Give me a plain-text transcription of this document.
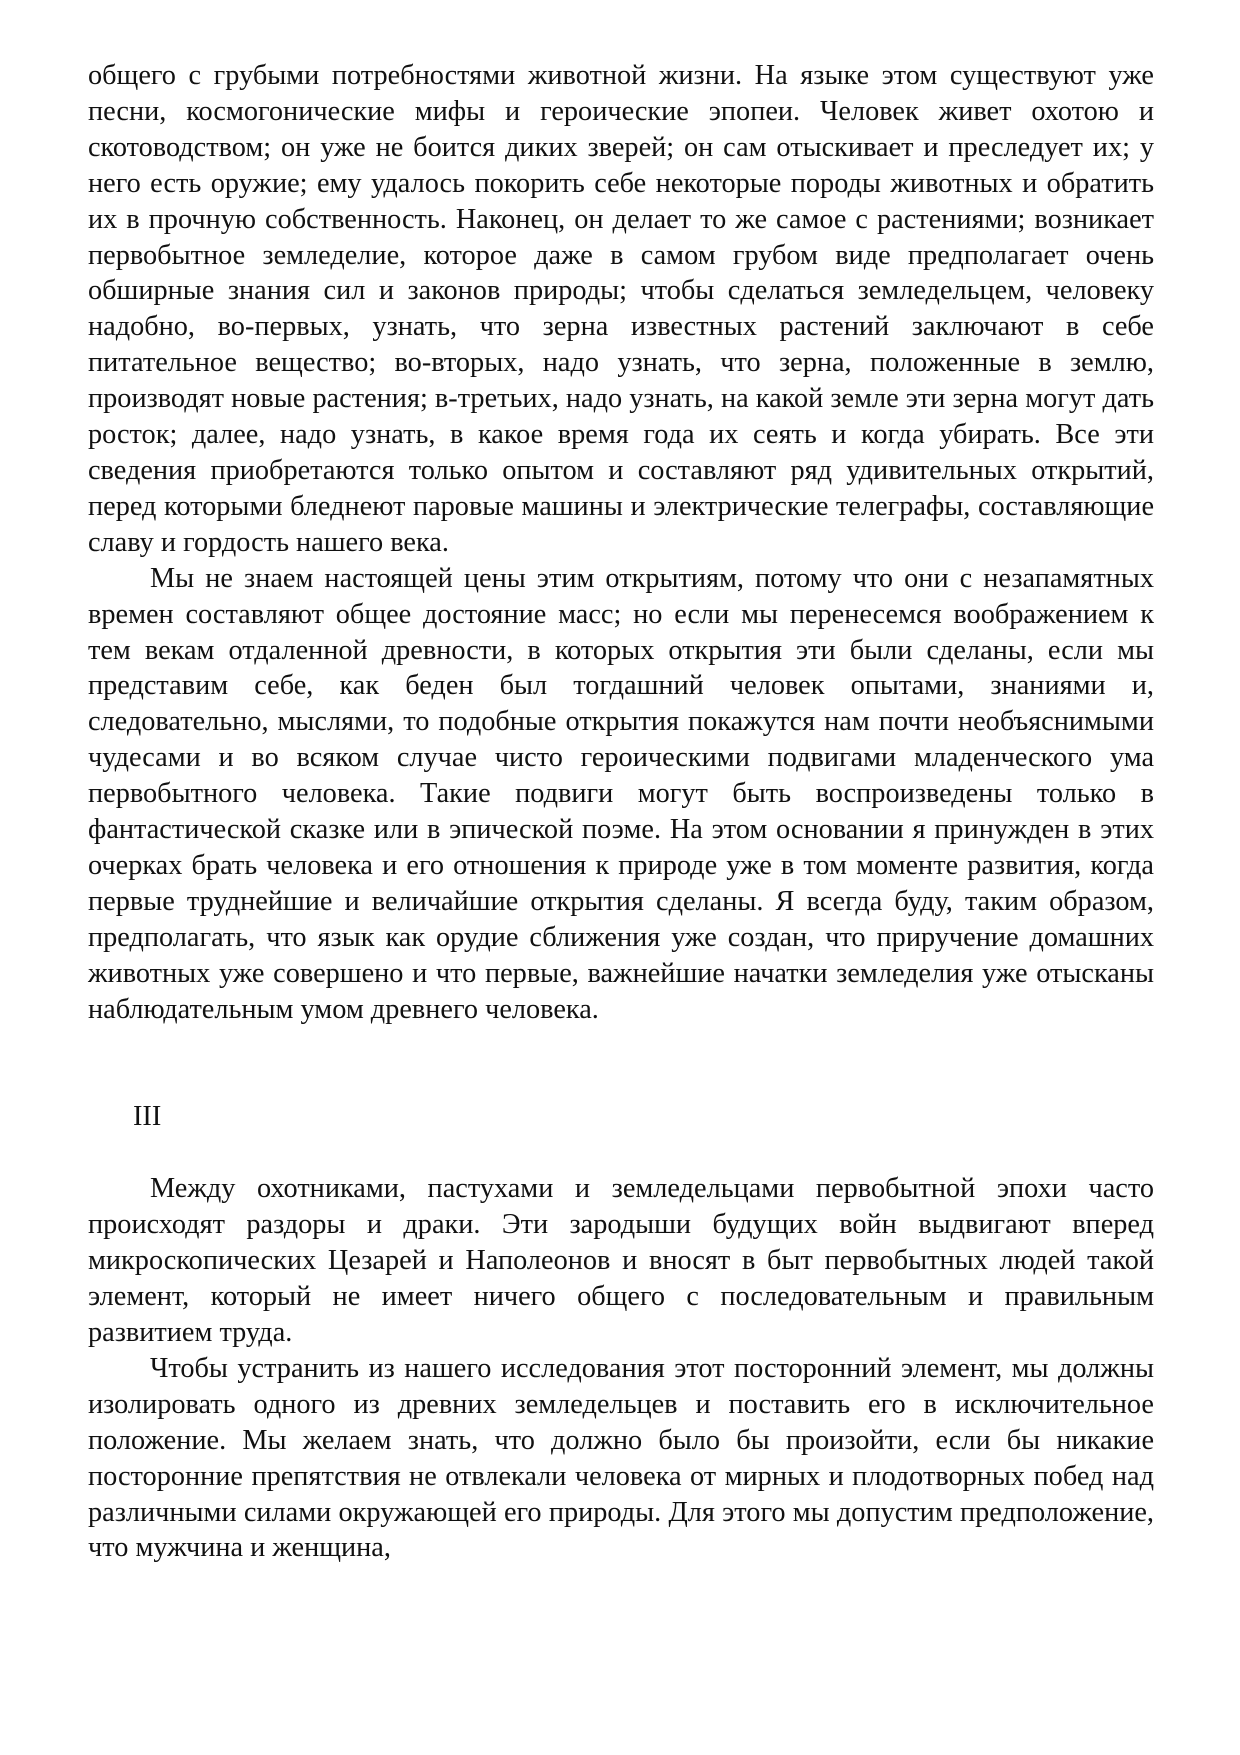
общего с грубыми потребностями животной жизни. На языке этом существуют уже песни, космогонические мифы и героические эпопеи. Человек живет охотою и скотоводством; он уже не боится диких зверей; он сам отыскивает и преследует их; у него есть оружие; ему удалось покорить себе некоторые породы животных и обратить их в прочную собственность. Наконец, он делает то же самое с растениями; возникает первобытное земледелие, которое даже в самом грубом виде предполагает очень обширные знания сил и законов природы; чтобы сделаться земледельцем, человеку надобно, во-первых, узнать, что зерна известных растений заключают в себе питательное вещество; во-вторых, надо узнать, что зерна, положенные в землю, производят новые растения; в-третьих, надо узнать, на какой земле эти зерна могут дать росток; далее, надо узнать, в какое время года их сеять и когда убирать. Все эти сведения приобретаются только опытом и составляют ряд удивительных открытий, перед которыми бледнеют паровые машины и электрические телеграфы, составляющие славу и гордость нашего века.

Мы не знаем настоящей цены этим открытиям, потому что они с незапамятных времен составляют общее достояние масс; но если мы перенесемся воображением к тем векам отдаленной древности, в которых открытия эти были сделаны, если мы представим себе, как беден был тогдашний человек опытами, знаниями и, следовательно, мыслями, то подобные открытия покажутся нам почти необъяснимыми чудесами и во всяком случае чисто героическими подвигами младенческого ума первобытного человека. Такие подвиги могут быть воспроизведены только в фантастической сказке или в эпической поэме. На этом основании я принужден в этих очерках брать человека и его отношения к природе уже в том моменте развития, когда первые труднейшие и величайшие открытия сделаны. Я всегда буду, таким образом, предполагать, что язык как орудие сближения уже создан, что приручение домашних животных уже совершено и что первые, важнейшие начатки земледелия уже отысканы наблюдательным умом древнего человека.

III

Между охотниками, пастухами и земледельцами первобытной эпохи часто происходят раздоры и драки. Эти зародыши будущих войн выдвигают вперед микроскопических Цезарей и Наполеонов и вносят в быт первобытных людей такой элемент, который не имеет ничего общего с последовательным и правильным развитием труда.

Чтобы устранить из нашего исследования этот посторонний элемент, мы должны изолировать одного из древних земледельцев и поставить его в исключительное положение. Мы желаем знать, что должно было бы произойти, если бы никакие посторонние препятствия не отвлекали человека от мирных и плодотворных побед над различными силами окружающей его природы. Для этого мы допустим предположение, что мужчина и женщина,
